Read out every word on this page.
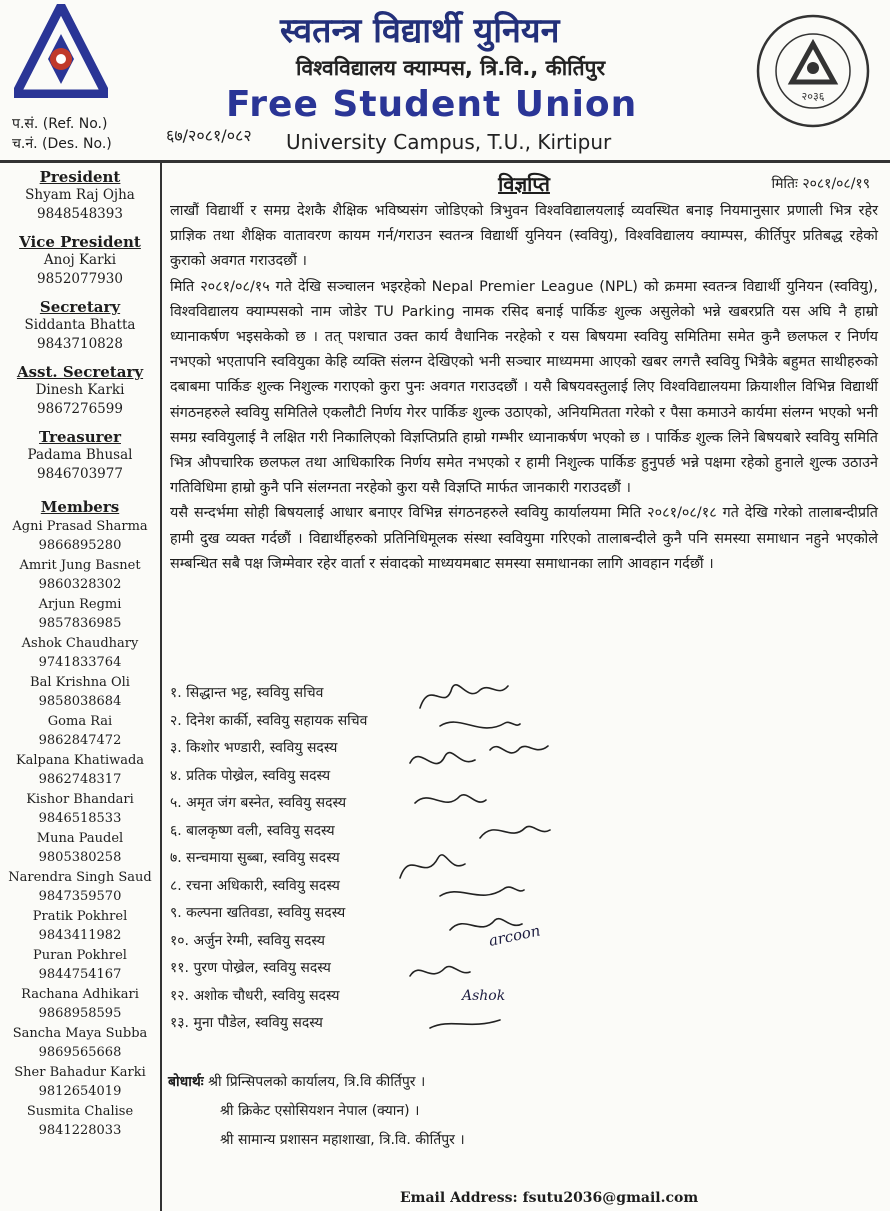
स्वतन्त्र विद्यार्थी युनियन
विश्वविद्यालय क्याम्पस, त्रि.वि., कीर्तिपुर
Free Student Union
University Campus, T.U., Kirtipur
प.सं. (Ref. No.)
च.नं. (Des. No.)	६७/२०८१/०८२
२०३६
President
Shyam Raj Ojha
9848548393
Vice President
Anoj Karki
9852077930
Secretary
Siddanta Bhatta
9843710828
Asst. Secretary
Dinesh Karki
9867276599
Treasurer
Padama Bhusal
9846703977
Members
Agni Prasad Sharma
9866895280
Amrit Jung Basnet
9860328302
Arjun Regmi
9857836985
Ashok Chaudhary
9741833764
Bal Krishna Oli
9858038684
Goma Rai
9862847472
Kalpana Khatiwada
9862748317
Kishor Bhandari
9846518533
Muna Paudel
9805380258
Narendra Singh Saud
9847359570
Pratik Pokhrel
9843411982
Puran Pokhrel
9844754167
Rachana Adhikari
9868958595
Sancha Maya Subba
9869565668
Sher Bahadur Karki
9812654019
Susmita Chalise
9841228033
विज्ञप्ति	मितिः २०८१/०८/१९

लाखौं विद्यार्थी र समग्र देशकै शैक्षिक भविष्यसंग जोडिएको त्रिभुवन विश्वविद्यालयलाई व्यवस्थित बनाइ नियमानुसार प्रणाली भित्र रहेर प्राज्ञिक तथा शैक्षिक वातावरण कायम गर्न/गराउन स्वतन्त्र विद्यार्थी युनियन (स्ववियु), विश्वविद्यालय क्याम्पस, कीर्तिपुर प्रतिबद्ध रहेको कुराको अवगत गराउदछौं ।

मिति २०८१/०८/१५ गते देखि सञ्चालन भइरहेको Nepal Premier League (NPL) को क्रममा स्वतन्त्र विद्यार्थी युनियन (स्ववियु), विश्वविद्यालय क्याम्पसको नाम जोडेर TU Parking नामक रसिद बनाई पार्किङ शुल्क असुलेको भन्ने खबरप्रति यस अघि नै हाम्रो ध्यानाकर्षण भइसकेको छ । तत् पशचात उक्त कार्य वैधानिक नरहेको र यस बिषयमा स्ववियु समितिमा समेत कुनै छलफल र निर्णय नभएको भएतापनि स्ववियुका केहि व्यक्ति संलग्न देखिएको भनी सञ्चार माध्यममा आएको खबर लगत्तै स्ववियु भित्रैके बहुमत साथीहरुको दबाबमा पार्किङ शुल्क निशुल्क गराएको कुरा पुनः अवगत गराउदछौं । यसै बिषयवस्तुलाई लिए विश्वविद्यालयमा क्रियाशील विभिन्न विद्यार्थी संगठनहरुले स्ववियु समितिले एकलौटी निर्णय गेरर पार्किङ शुल्क उठाएको, अनियमितता गरेको र पैसा कमाउने कार्यमा संलग्न भएको भनी समग्र स्ववियुलाई नै लक्षित गरी निकालिएको विज्ञप्तिप्रति हाम्रो गम्भीर ध्यानाकर्षण भएको छ । पार्किङ शुल्क लिने बिषयबारे स्ववियु समिति भित्र औपचारिक छलफल तथा आधिकारिक निर्णय समेत नभएको र हामी निशुल्क पार्किङ हुनुपर्छ भन्ने पक्षमा रहेको हुनाले शुल्क उठाउने गतिविधिमा हाम्रो कुनै पनि संलग्नता नरहेको कुरा यसै विज्ञप्ति मार्फत जानकारी गराउदछौं ।

यसै सन्दर्भमा सोही बिषयलाई आधार बनाएर विभिन्न संगठनहरुले स्ववियु कार्यालयमा मिति २०८१/०८/१८ गते देखि गरेको तालाबन्दीप्रति हामी दुख व्यक्त गर्दछौं । विद्यार्थीहरुको प्रतिनिधिमूलक संस्था स्ववियुमा गरिएको तालाबन्दीले कुनै पनि समस्या समाधान नहुने भएकोले सम्बन्धित सबै पक्ष जिम्मेवार रहेर वार्ता र संवादको माध्ययमबाट समस्या समाधानका लागि आवहान गर्दछौं ।

१. सिद्धान्त भट्ट, स्ववियु सचिव
२. दिनेश कार्की, स्ववियु सहायक सचिव
३. किशोर भण्डारी, स्ववियु सदस्य
४. प्रतिक पोख्रेल, स्ववियु सदस्य
५. अमृत जंग बस्नेत, स्ववियु सदस्य
६. बालकृष्ण वली, स्ववियु सदस्य
७. सन्चमाया सुब्बा, स्ववियु सदस्य
८. रचना अधिकारी, स्ववियु सदस्य
९. कल्पना खतिवडा, स्ववियु सदस्य
१०. अर्जुन रेग्मी, स्ववियु सदस्य
११. पुरण पोख्रेल, स्ववियु सदस्य
१२. अशोक चौधरी, स्ववियु सदस्य
१३. मुना पौडेल, स्ववियु सदस्य
arcoon
Ashok
बोधार्थः श्री प्रिन्सिपलको कार्यालय, त्रि.वि कीर्तिपुर ।
श्री क्रिकेट एसोसियशन नेपाल (क्यान) ।
श्री सामान्य प्रशासन महाशाखा, त्रि.वि. कीर्तिपुर ।
Email Address: fsutu2036@gmail.com
